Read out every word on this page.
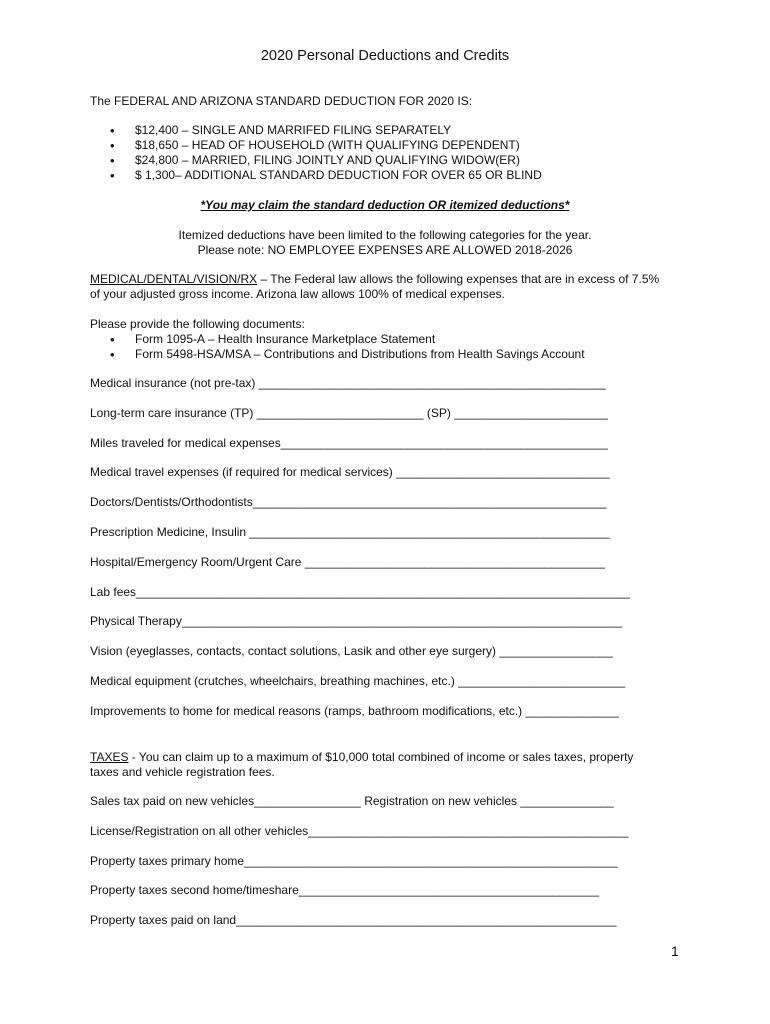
2020 Personal Deductions and Credits
The FEDERAL AND ARIZONA STANDARD DEDUCTION FOR 2020 IS:
• $12,400 – SINGLE AND MARRIFED FILING SEPARATELY
• $18,650 – HEAD OF HOUSEHOLD (WITH QUALIFYING DEPENDENT)
• $24,800 – MARRIED, FILING JOINTLY AND QUALIFYING WIDOW(ER)
• $ 1,300– ADDITIONAL STANDARD DEDUCTION FOR OVER 65 OR BLIND
*You may claim the standard deduction OR itemized deductions*
Itemized deductions have been limited to the following categories for the year.
Please note: NO EMPLOYEE EXPENSES ARE ALLOWED 2018-2026
MEDICAL/DENTAL/VISION/RX – The Federal law allows the following expenses that are in excess of 7.5% of your adjusted gross income. Arizona law allows 100% of medical expenses.
Please provide the following documents:
• Form 1095-A – Health Insurance Marketplace Statement
• Form 5498-HSA/MSA – Contributions and Distributions from Health Savings Account
Medical insurance (not pre-tax) ____________________________________________________
Long-term care insurance (TP) _________________________ (SP) _______________________
Miles traveled for medical expenses_________________________________________________
Medical travel expenses (if required for medical services) ________________________________
Doctors/Dentists/Orthodontists_____________________________________________________
Prescription Medicine, Insulin ______________________________________________________
Hospital/Emergency Room/Urgent Care _____________________________________________
Lab fees__________________________________________________________________________
Physical Therapy__________________________________________________________________
Vision (eyeglasses, contacts, contact solutions, Lasik and other eye surgery) _________________
Medical equipment (crutches, wheelchairs, breathing machines, etc.) _________________________
Improvements to home for medical reasons (ramps, bathroom modifications, etc.) ______________
TAXES - You can claim up to a maximum of $10,000 total combined of income or sales taxes, property taxes and vehicle registration fees.
Sales tax paid on new vehicles________________ Registration on new vehicles ______________
License/Registration on all other vehicles________________________________________________
Property taxes primary home________________________________________________________
Property taxes second home/timeshare_____________________________________________
Property taxes paid on land_________________________________________________________
1
